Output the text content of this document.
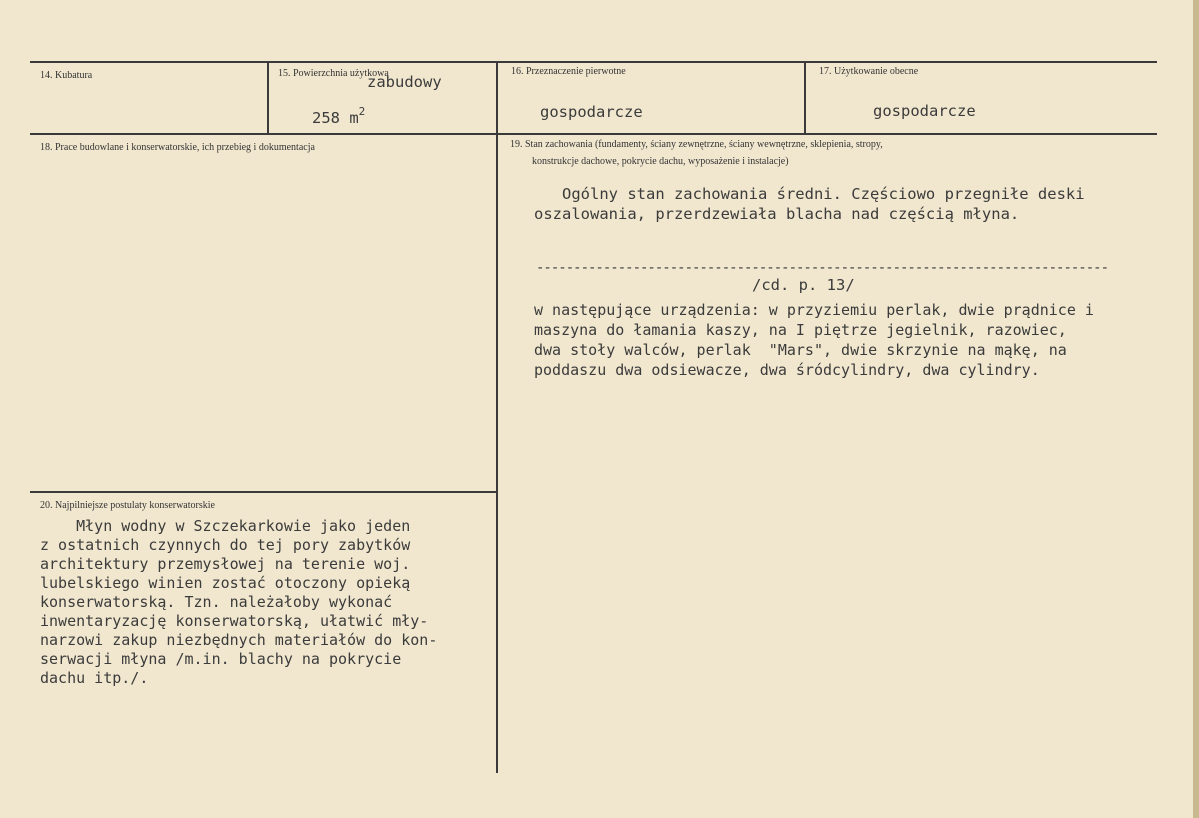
14. Kubatura	15. Powierzchnia użytkowa
zabudowy
258 $m^2$
16. Przeznaczenie pierwotne
gospodarcze
17. Użytkowanie obecne
gospodarcze
18. Prace budowlane i konserwatorskie, ich przebieg i dokumentacja	19. Stan zachowania (fundamenty, ściany zewnętrzne, ściany wewnętrzne, sklepienia, stropy,
konstrukcje dachowe, pokrycie dachu, wyposażenie i instalacje)
Ogólny stan zachowania średni. Częściowo przegniłe deski
oszalowania, przerdzewiała blacha nad częścią młyna.
-----------------------------------------------------------------------------
/cd. p. 13/
w następujące urządzenia: w przyziemiu perlak, dwie prądnice i
maszyna do łamania kaszy, na I piętrze jegielnik, razowiec,
dwa stoły walców, perlak  "Mars", dwie skrzynie na mąkę, na
poddaszu dwa odsiewacze, dwa śródcylindry, dwa cylindry.
20. Najpilniejsze postulaty konserwatorskie
Młyn wodny w Szczekarkowie jako jeden
z ostatnich czynnych do tej pory zabytków
architektury przemysłowej na terenie woj.
lubelskiego winien zostać otoczony opieką
konserwatorską. Tzn. należałoby wykonać
inwentaryzację konserwatorską, ułatwić mły-
narzowi zakup niezbędnych materiałów do kon-
serwacji młyna /m.in. blachy na pokrycie
dachu itp./.
